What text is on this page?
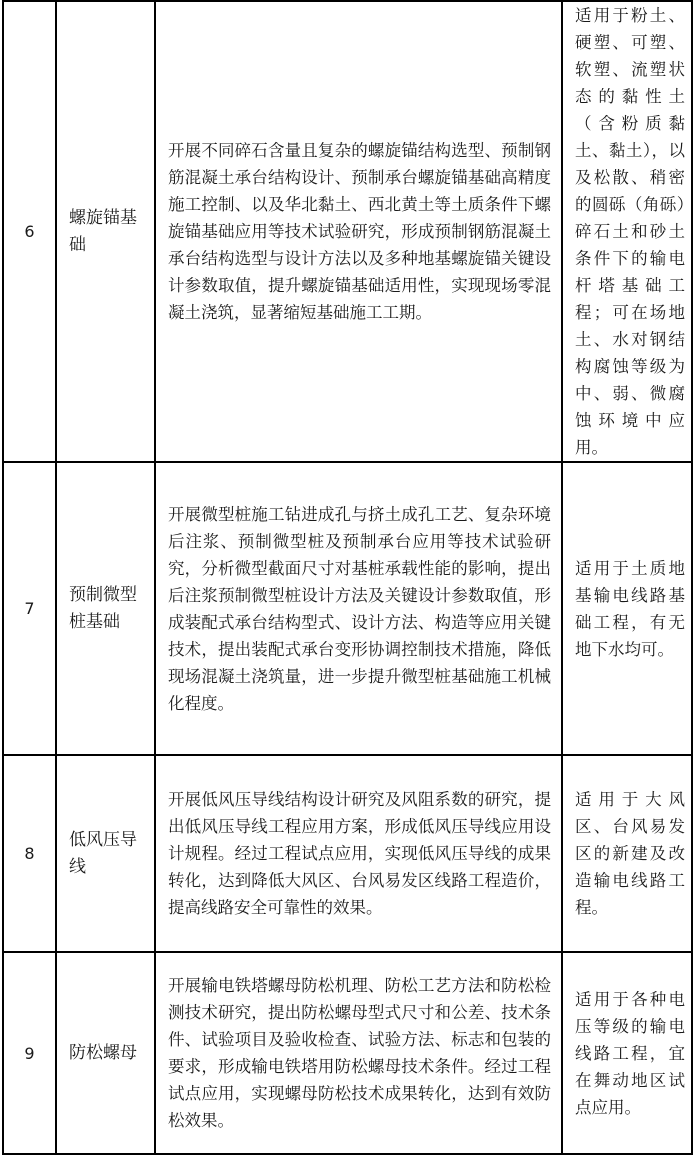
6	螺旋锚基础	开展不同碎石含量且复杂的螺旋锚结构选型、预制钢筋混凝土承台结构设计、预制承台螺旋锚基础高精度施工控制、以及华北黏土、西北黄土等土质条件下螺旋锚基础应用等技术试验研究，形成预制钢筋混凝土承台结构选型与设计方法以及多种地基螺旋锚关键设计参数取值，提升螺旋锚基础适用性，实现现场零混凝土浇筑，显著缩短基础施工工期。	适用于粉土、硬塑、可塑、软塑、流塑状态的黏性土（含粉质黏土、黏土），以及松散、稍密的圆砾（角砾）碎石土和砂土条件下的输电杆塔基础工程；可在场地土、水对钢结构腐蚀等级为中、弱、微腐蚀环境中应用。
7	预制微型桩基础	开展微型桩施工钻进成孔与挤土成孔工艺、复杂环境后注浆、预制微型桩及预制承台应用等技术试验研究，分析微型截面尺寸对基桩承载性能的影响，提出后注浆预制微型桩设计方法及关键设计参数取值，形成装配式承台结构型式、设计方法、构造等应用关键技术，提出装配式承台变形协调控制技术措施，降低现场混凝土浇筑量，进一步提升微型桩基础施工机械化程度。	适用于土质地基输电线路基础工程，有无地下水均可。
8	低风压导线	开展低风压导线结构设计研究及风阻系数的研究，提出低风压导线工程应用方案，形成低风压导线应用设计规程。经过工程试点应用，实现低风压导线的成果转化，达到降低大风区、台风易发区线路工程造价，提高线路安全可靠性的效果。	适用于大风区、台风易发区的新建及改造输电线路工程。
9	防松螺母	开展输电铁塔螺母防松机理、防松工艺方法和防松检测技术研究，提出防松螺母型式尺寸和公差、技术条件、试验项目及验收检查、试验方法、标志和包装的要求，形成输电铁塔用防松螺母技术条件。经过工程试点应用，实现螺母防松技术成果转化，达到有效防松效果。	适用于各种电压等级的输电线路工程，宜在舞动地区试点应用。
